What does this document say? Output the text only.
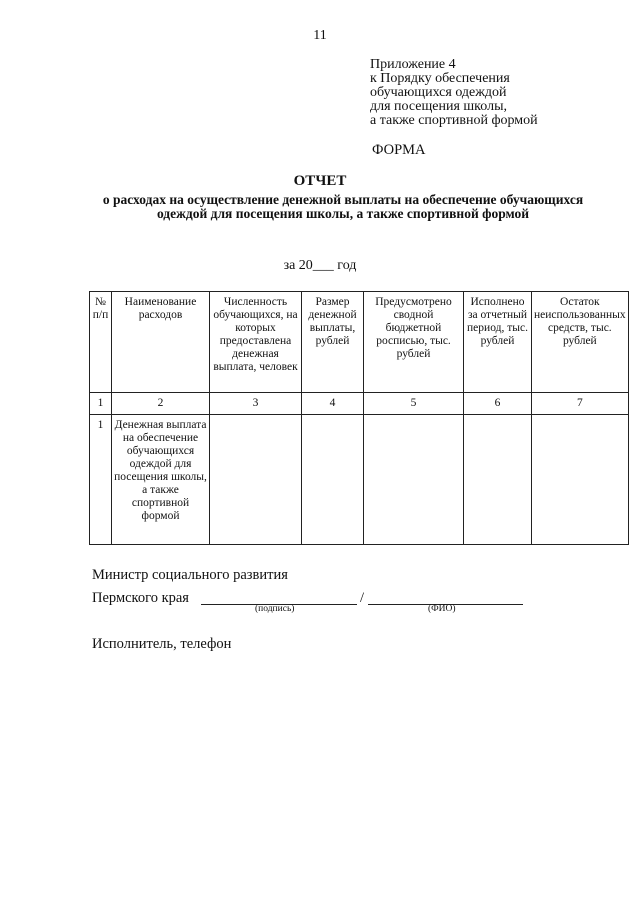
11
Приложение 4
к Порядку обеспечения
обучающихся одеждой
для посещения школы,
а также спортивной формой
ФОРМА
ОТЧЕТ
о расходах на осуществление денежной выплаты на обеспечение обучающихся одеждой для посещения школы, а также спортивной формой
за 20___ год
№ п/п	Наименование расходов	Численность обучающихся, на которых предоставлена денежная выплата, человек	Размер денежной выплаты, рублей	Предусмотрено сводной бюджетной росписью, тыс. рублей	Исполнено за отчетный период, тыс. рублей	Остаток неиспользованных средств, тыс. рублей
1	2	3	4	5	6	7
1	Денежная выплата на обеспечение обучающихся одеждой для посещения школы, а также спортивной формой					
Министр социального развития
Пермского края	/
(подпись)	(ФИО)
Исполнитель, телефон
